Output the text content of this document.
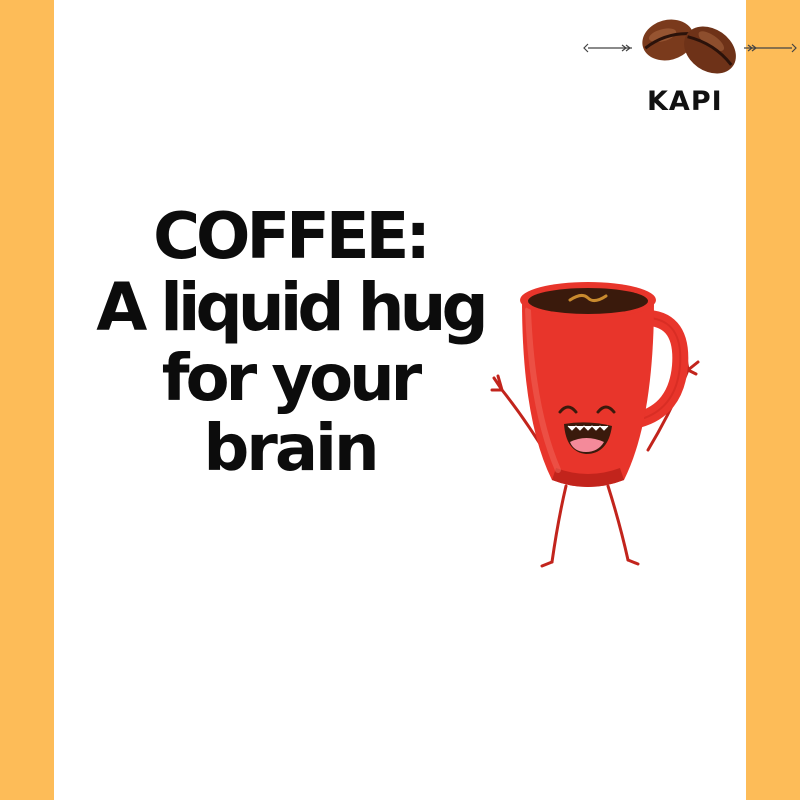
KAPI
COFFEE:
A liquid hug
for your
brain
